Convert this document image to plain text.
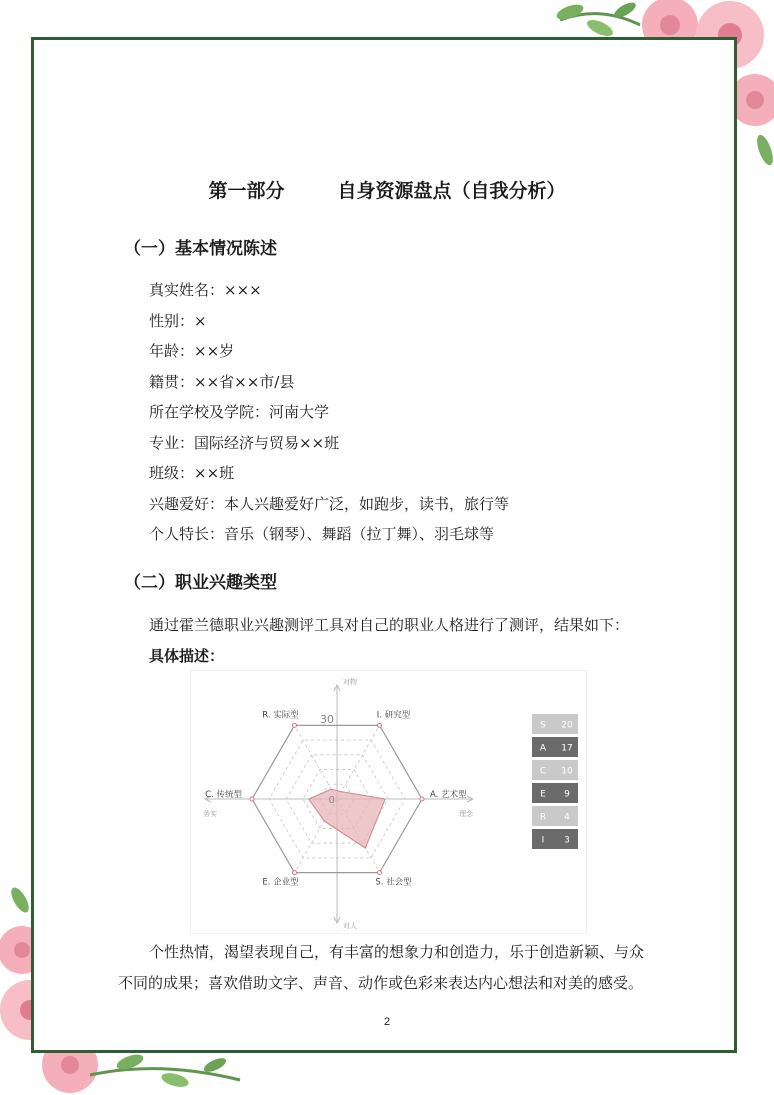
第一部分        自身资源盘点（自我分析）
（一）基本情况陈述
真实姓名：×××
性别：×
年龄：××岁
籍贯：××省××市/县
所在学校及学院：河南大学
专业：国际经济与贸易××班
班级：××班
兴趣爱好：本人兴趣爱好广泛，如跑步，读书，旅行等
个人特长：音乐（钢琴）、舞蹈（拉丁舞）、羽毛球等
（二）职业兴趣类型
通过霍兰德职业兴趣测评工具对自己的职业人格进行了测评，结果如下：
具体描述：
I. 研究型
A. 艺术型
S. 社会型
E. 企业型
C. 传统型
R. 实际型 30
0
对物
对人
务实	理念
S 20
A 17
C 10
E 9
R 4
I 3
个性热情，渴望表现自己，有丰富的想象力和创造力，乐于创造新颖、与众
不同的成果；喜欢借助文字、声音、动作或色彩来表达内心想法和对美的感受。
2
